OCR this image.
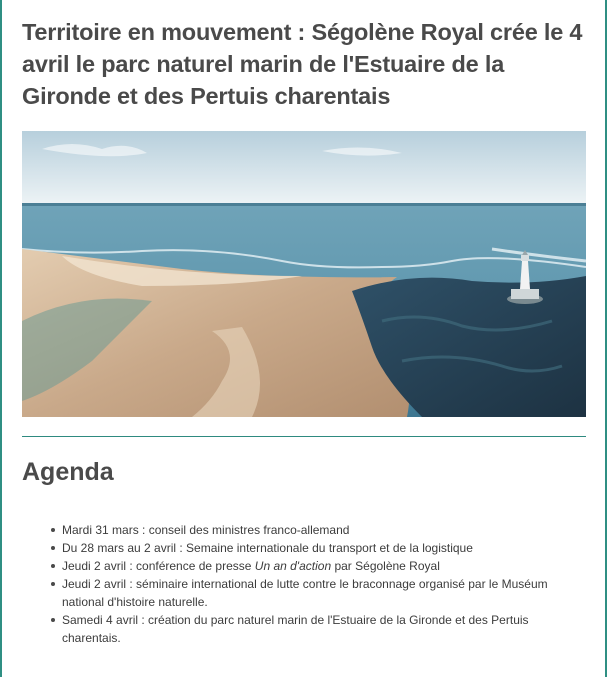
Territoire en mouvement : Ségolène Royal crée le 4 avril le parc naturel marin de l'Estuaire de la Gironde et des Pertuis charentais
Agenda
Mardi 31 mars : conseil des ministres franco-allemand
Du 28 mars au 2 avril : Semaine internationale du transport et de la logistique
Jeudi 2 avril : conférence de presse Un an d'action par Ségolène Royal
Jeudi 2 avril : séminaire international de lutte contre le braconnage organisé par le Muséum national d'histoire naturelle.
Samedi 4 avril : création du parc naturel marin de l'Estuaire de la Gironde et des Pertuis charentais.
